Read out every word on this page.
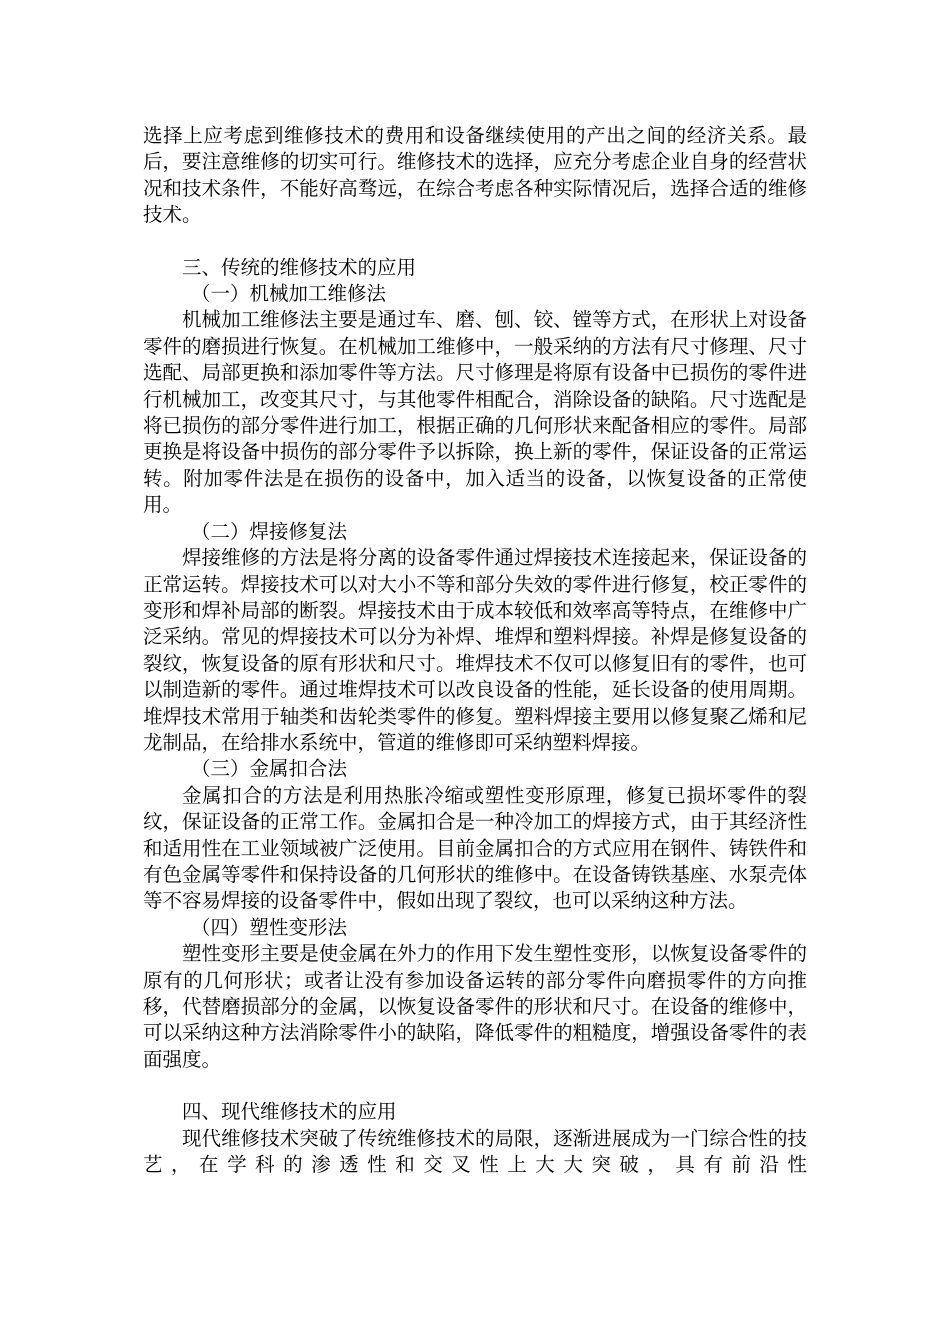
选择上应考虑到维修技术的费用和设备继续使用的产出之间的经济关系。最后，要注意维修的切实可行。维修技术的选择，应充分考虑企业自身的经营状况和技术条件，不能好高骛远，在综合考虑各种实际情况后，选择合适的维修技术。

三、传统的维修技术的应用

（一）机械加工维修法

机械加工维修法主要是通过车、磨、刨、铰、镗等方式，在形状上对设备零件的磨损进行恢复。在机械加工维修中，一般采纳的方法有尺寸修理、尺寸选配、局部更换和添加零件等方法。尺寸修理是将原有设备中已损伤的零件进行机械加工，改变其尺寸，与其他零件相配合，消除设备的缺陷。尺寸选配是将已损伤的部分零件进行加工，根据正确的几何形状来配备相应的零件。局部更换是将设备中损伤的部分零件予以拆除，换上新的零件，保证设备的正常运转。附加零件法是在损伤的设备中，加入适当的设备，以恢复设备的正常使用。

（二）焊接修复法

焊接维修的方法是将分离的设备零件通过焊接技术连接起来，保证设备的正常运转。焊接技术可以对大小不等和部分失效的零件进行修复，校正零件的变形和焊补局部的断裂。焊接技术由于成本较低和效率高等特点，在维修中广泛采纳。常见的焊接技术可以分为补焊、堆焊和塑料焊接。补焊是修复设备的裂纹，恢复设备的原有形状和尺寸。堆焊技术不仅可以修复旧有的零件，也可以制造新的零件。通过堆焊技术可以改良设备的性能，延长设备的使用周期。堆焊技术常用于轴类和齿轮类零件的修复。塑料焊接主要用以修复聚乙烯和尼龙制品，在给排水系统中，管道的维修即可采纳塑料焊接。

（三）金属扣合法

金属扣合的方法是利用热胀冷缩或塑性变形原理，修复已损坏零件的裂纹，保证设备的正常工作。金属扣合是一种冷加工的焊接方式，由于其经济性和适用性在工业领域被广泛使用。目前金属扣合的方式应用在钢件、铸铁件和有色金属等零件和保持设备的几何形状的维修中。在设备铸铁基座、水泵壳体等不容易焊接的设备零件中，假如出现了裂纹，也可以采纳这种方法。

（四）塑性变形法

塑性变形主要是使金属在外力的作用下发生塑性变形，以恢复设备零件的原有的几何形状；或者让没有参加设备运转的部分零件向磨损零件的方向推移，代替磨损部分的金属，以恢复设备零件的形状和尺寸。在设备的维修中，可以采纳这种方法消除零件小的缺陷，降低零件的粗糙度，增强设备零件的表面强度。

四、现代维修技术的应用

现代维修技术突破了传统维修技术的局限，逐渐进展成为一门综合性的技艺，在学科的渗透性和交叉性上大大突破，具有前沿性
